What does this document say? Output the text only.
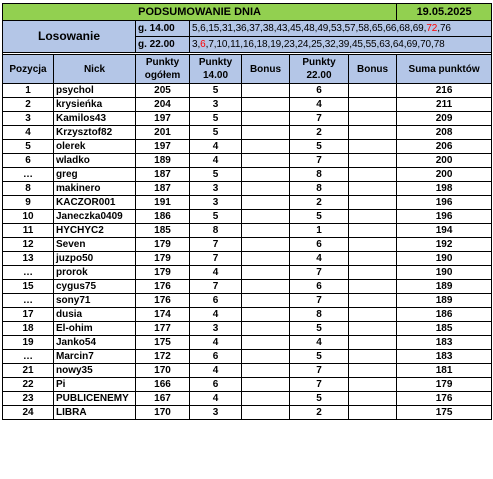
PODSUMOWANIE DNIA							19.05.2025
Losowanie		g. 14.00	5,6,15,31,36,37,38,43,45,48,49,53,57,58,65,66,68,69,72,76				
		g. 22.00	3,6,7,10,11,16,18,19,23,24,25,32,39,45,55,63,64,69,70,78				

Pozycja	Nick	Punkty ogółem	Punkty 14.00	Bonus	Punkty 22.00	Bonus	Suma punktów
1	psychol	205	5		6		216
2	krysieńka	204	3		4		211
3	Kamilos43	197	5		7		209
4	Krzysztof82	201	5		2		208
5	olerek	197	4		5		206
6	wladko	189	4		7		200
…	greg	187	5		8		200
8	makinero	187	3		8		198
9	KACZOR001	191	3		2		196
10	Janeczka0409	186	5		5		196
11	HYCHYC2	185	8		1		194
12	Seven	179	7		6		192
13	juzpo50	179	7		4		190
…	prorok	179	4		7		190
15	cygus75	176	7		6		189
…	sony71	176	6		7		189
17	dusia	174	4		8		186
18	El-ohim	177	3		5		185
19	Janko54	175	4		4		183
…	Marcin7	172	6		5		183
21	nowy35	170	4		7		181
22	Pi	166	6		7		179
23	PUBLICENEMY	167	4		5		176
24	LIBRA	170	3		2		175
